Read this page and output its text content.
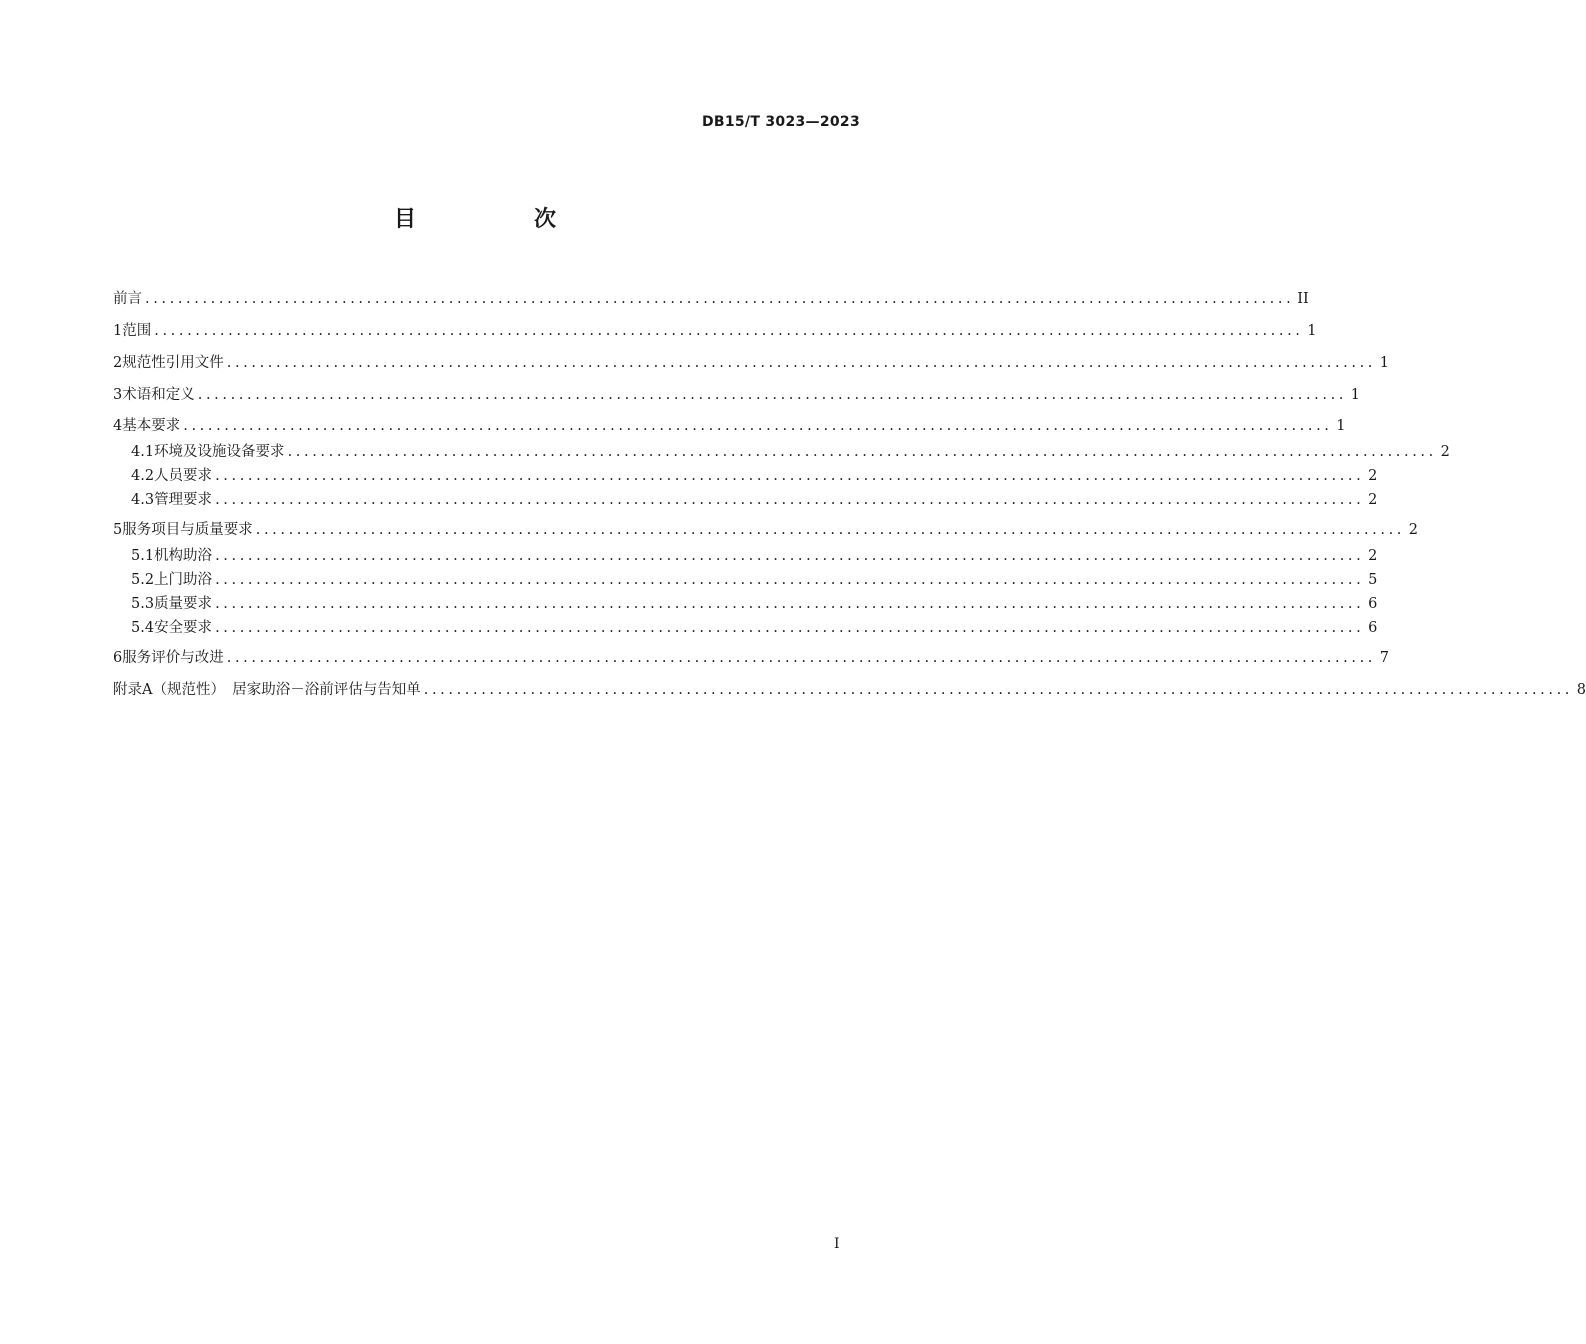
DB15/T 3023—2023
目　次
前言 ............................................................................................................................................ II
1 范围 ............................................................................................................................................ 1
2 规范性引用文件 ............................................................................................................................................ 1
3 术语和定义 ............................................................................................................................................ 1
4 基本要求 ............................................................................................................................................ 1
4.1 环境及设施设备要求 ............................................................................................................................................ 2
4.2 人员要求 ............................................................................................................................................ 2
4.3 管理要求 ............................................................................................................................................ 2
5 服务项目与质量要求 ............................................................................................................................................ 2
5.1 机构助浴 ............................................................................................................................................ 2
5.2 上门助浴 ............................................................................................................................................ 5
5.3 质量要求 ............................................................................................................................................ 6
5.4 安全要求 ............................................................................................................................................ 6
6 服务评价与改进 ............................................................................................................................................ 7
附录A（规范性）　居家助浴－浴前评估与告知单 ............................................................................................................................................ 8
I
